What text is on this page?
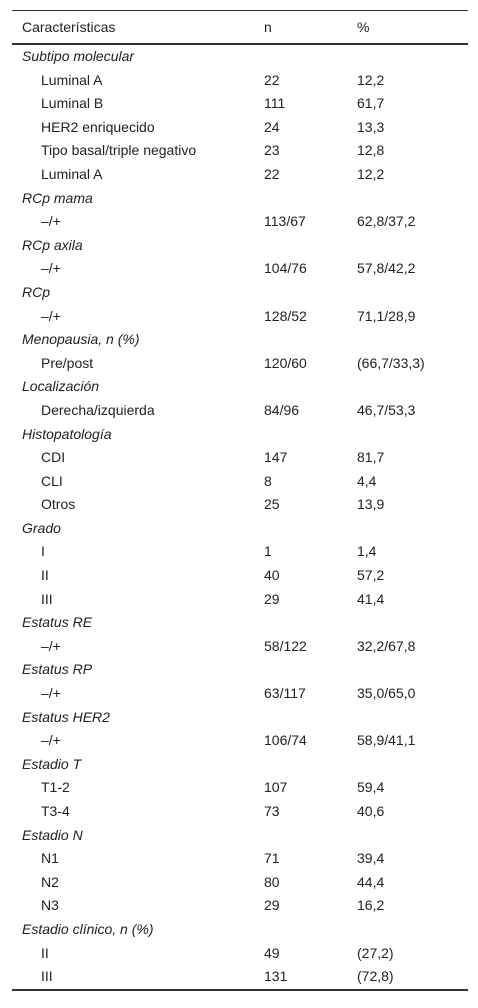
Características	n	%
Subtipo molecular
Luminal A	22	12,2
Luminal B	111	61,7
HER2 enriquecido	24	13,3
Tipo basal/triple negativo	23	12,8
Luminal A	22	12,2
RCp mama
–/+	113/67	62,8/37,2
RCp axila
–/+	104/76	57,8/42,2
RCp
–/+	128/52	71,1/28,9
Menopausia, n (%)
Pre/post	120/60	(66,7/33,3)
Localización
Derecha/izquierda	84/96	46,7/53,3
Histopatología
CDI	147	81,7
CLI	8	4,4
Otros	25	13,9
Grado
I	1	1,4
II	40	57,2
III	29	41,4
Estatus RE
–/+	58/122	32,2/67,8
Estatus RP
–/+	63/117	35,0/65,0
Estatus HER2
–/+	106/74	58,9/41,1
Estadio T
T1-2	107	59,4
T3-4	73	40,6
Estadio N
N1	71	39,4
N2	80	44,4
N3	29	16,2
Estadio clínico, n (%)
II	49	(27,2)
III	131	(72,8)
